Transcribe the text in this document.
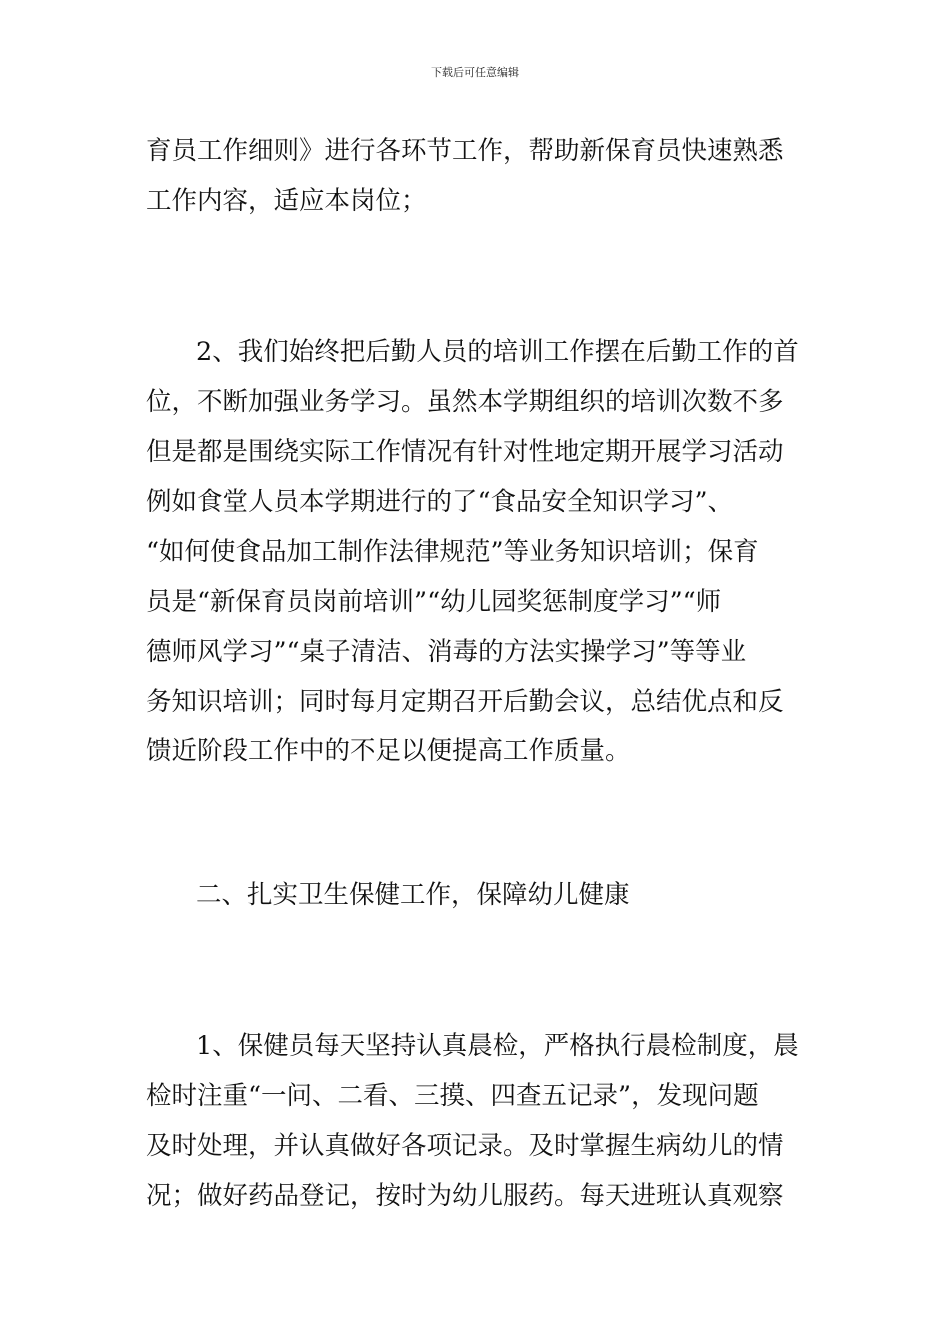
下载后可任意编辑
育员工作细则》进行各环节工作，帮助新保育员快速熟悉
工作内容，适应本岗位；
2、我们始终把后勤人员的培训工作摆在后勤工作的首
位，不断加强业务学习。虽然本学期组织的培训次数不多
但是都是围绕实际工作情况有针对性地定期开展学习活动
例如食堂人员本学期进行的了“食品安全知识学习”、
“如何使食品加工制作法律规范”等业务知识培训；保育
员是“新保育员岗前培训”“幼儿园奖惩制度学习”“师
德师风学习”“桌子清洁、消毒的方法实操学习”等等业
务知识培训；同时每月定期召开后勤会议，总结优点和反
馈近阶段工作中的不足以便提高工作质量。
二、扎实卫生保健工作，保障幼儿健康
1、保健员每天坚持认真晨检，严格执行晨检制度，晨
检时注重“一问、二看、三摸、四查五记录”，发现问题
及时处理，并认真做好各项记录。及时掌握生病幼儿的情
况；做好药品登记，按时为幼儿服药。每天进班认真观察
